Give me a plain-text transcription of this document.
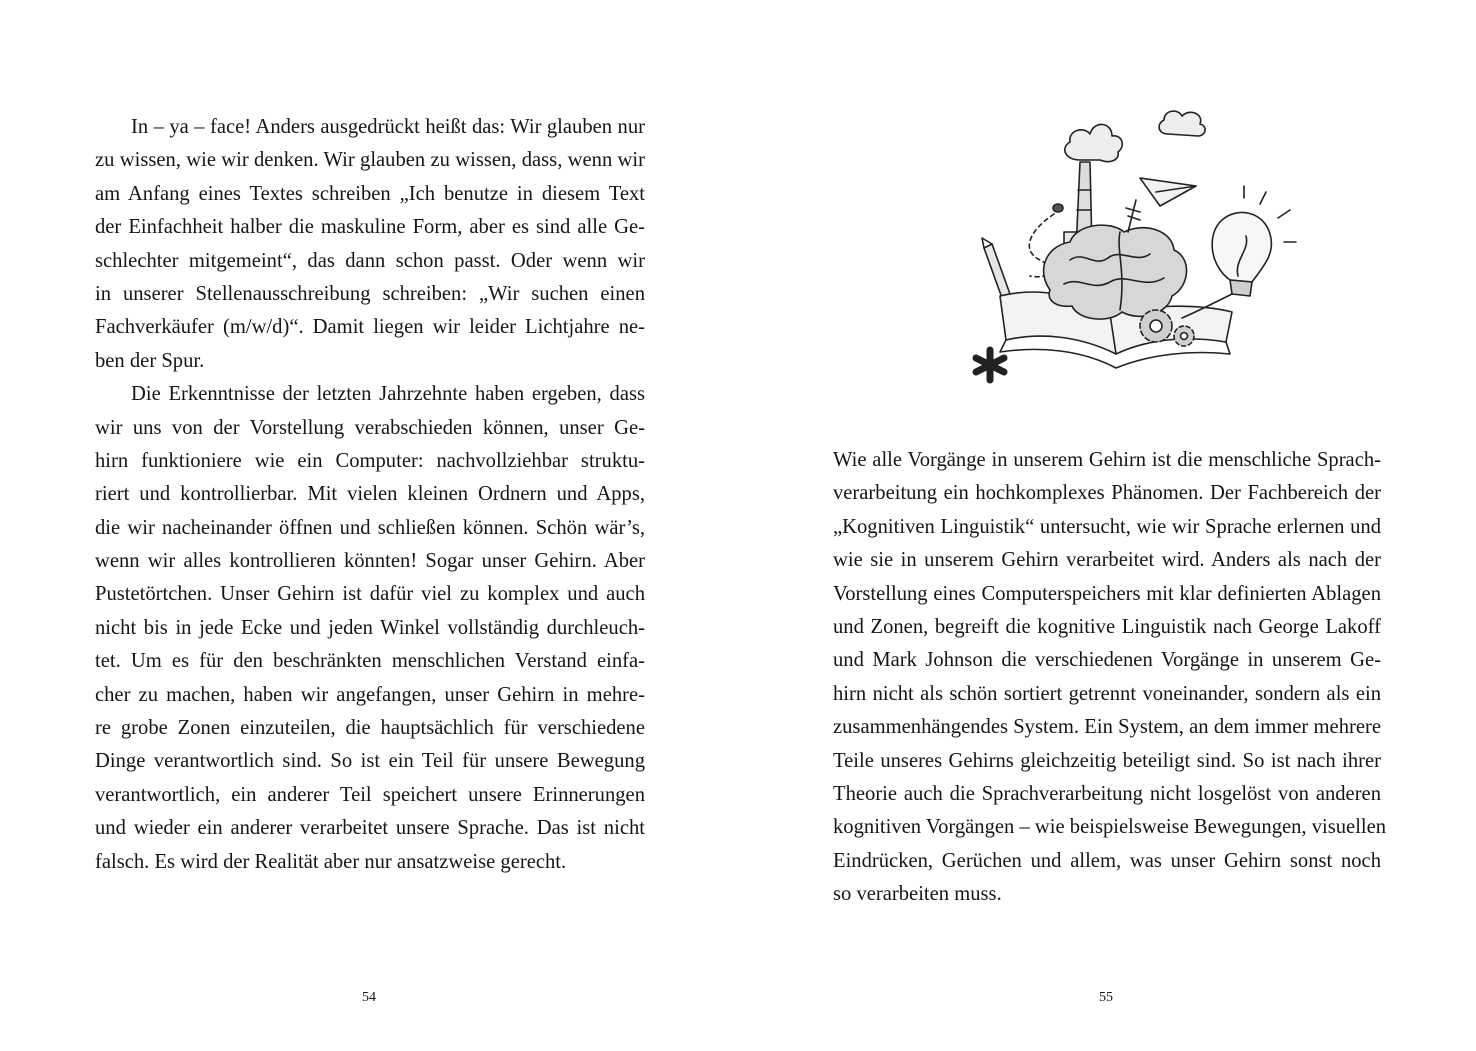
In – ya – face! Anders ausgedrückt heißt das: Wir glauben nur
zu wissen, wie wir denken. Wir glauben zu wissen, dass, wenn wir
am Anfang eines Textes schreiben „Ich benutze in diesem Text
der Einfachheit halber die maskuline Form, aber es sind alle Ge-
schlechter mitgemeint“, das dann schon passt. Oder wenn wir
in unserer Stellenausschreibung schreiben: „Wir suchen einen
Fachverkäufer (m/w/d)“. Damit liegen wir leider Lichtjahre ne-
ben der Spur.
Die Erkenntnisse der letzten Jahrzehnte haben ergeben, dass
wir uns von der Vorstellung verabschieden können, unser Ge-
hirn funktioniere wie ein Computer: nachvollziehbar struktu-
riert und kontrollierbar. Mit vielen kleinen Ordnern und Apps,
die wir nacheinander öffnen und schließen können. Schön wär’s,
wenn wir alles kontrollieren könnten! Sogar unser Gehirn. Aber
Pustetörtchen. Unser Gehirn ist dafür viel zu komplex und auch
nicht bis in jede Ecke und jeden Winkel vollständig durchleuch-
tet. Um es für den beschränkten menschlichen Verstand einfa-
cher zu machen, haben wir angefangen, unser Gehirn in mehre-
re grobe Zonen einzuteilen, die hauptsächlich für verschiedene
Dinge verantwortlich sind. So ist ein Teil für unsere Bewegung
verantwortlich, ein anderer Teil speichert unsere Erinnerungen
und wieder ein anderer verarbeitet unsere Sprache. Das ist nicht
falsch. Es wird der Realität aber nur ansatzweise gerecht.
54
Wie alle Vorgänge in unserem Gehirn ist die menschliche Sprach-
verarbeitung ein hochkomplexes Phänomen. Der Fachbereich der
„Kognitiven Linguistik“ untersucht, wie wir Sprache erlernen und
wie sie in unserem Gehirn verarbeitet wird. Anders als nach der
Vorstellung eines Computerspeichers mit klar definierten Ablagen
und Zonen, begreift die kognitive Linguistik nach George Lakoff
und Mark Johnson die verschiedenen Vorgänge in unserem Ge-
hirn nicht als schön sortiert getrennt voneinander, sondern als ein
zusammenhängendes System. Ein System, an dem immer mehrere
Teile unseres Gehirns gleichzeitig beteiligt sind. So ist nach ihrer
Theorie auch die Sprachverarbeitung nicht losgelöst von anderen
kognitiven Vorgängen – wie beispielsweise Bewegungen, visuellen
Eindrücken, Gerüchen und allem, was unser Gehirn sonst noch
so verarbeiten muss.
55
